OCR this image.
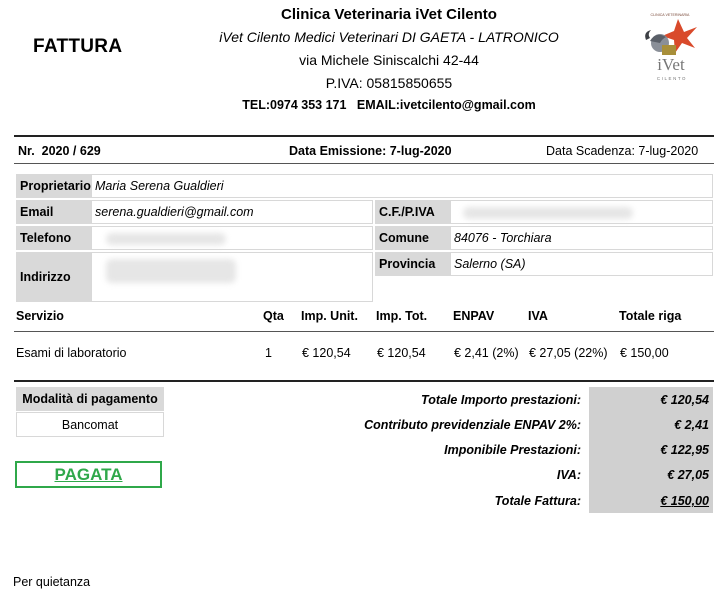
FATTURA
Clinica Veterinaria iVet Cilento
iVet Cilento Medici Veterinari DI GAETA - LATRONICO
via Michele Siniscalchi 42-44
P.IVA: 05815850655
TEL:0974 353 171   EMAIL:ivetcilento@gmail.com
CLINICA VETERINARIA
iVet
CILENTO
Nr. 2020 / 629	Data Emissione: 7-lug-2020	Data Scadenza: 7-lug-2020
Proprietario Maria Serena Gualdieri
Email	serena.gualdieri@gmail.com
Telefono
Indirizzo
C.F./P.IVA
Comune	84076 - Torchiara
Provincia	Salerno (SA)
Servizio	Qta Imp. Unit. Imp. Tot. ENPAV	IVA	Totale riga
Esami di laboratorio	1 € 120,54 € 120,54 € 2,41 (2%) € 27,05 (22%) € 150,00
Modalità di pagamento
Bancomat
PAGATA
Totale Importo prestazioni:	€ 120,54
Contributo previdenziale ENPAV 2%:	€ 2,41
Imponibile Prestazioni:	€ 122,95
IVA:	€ 27,05
Totale Fattura:	€ 150,00
Per quietanza
